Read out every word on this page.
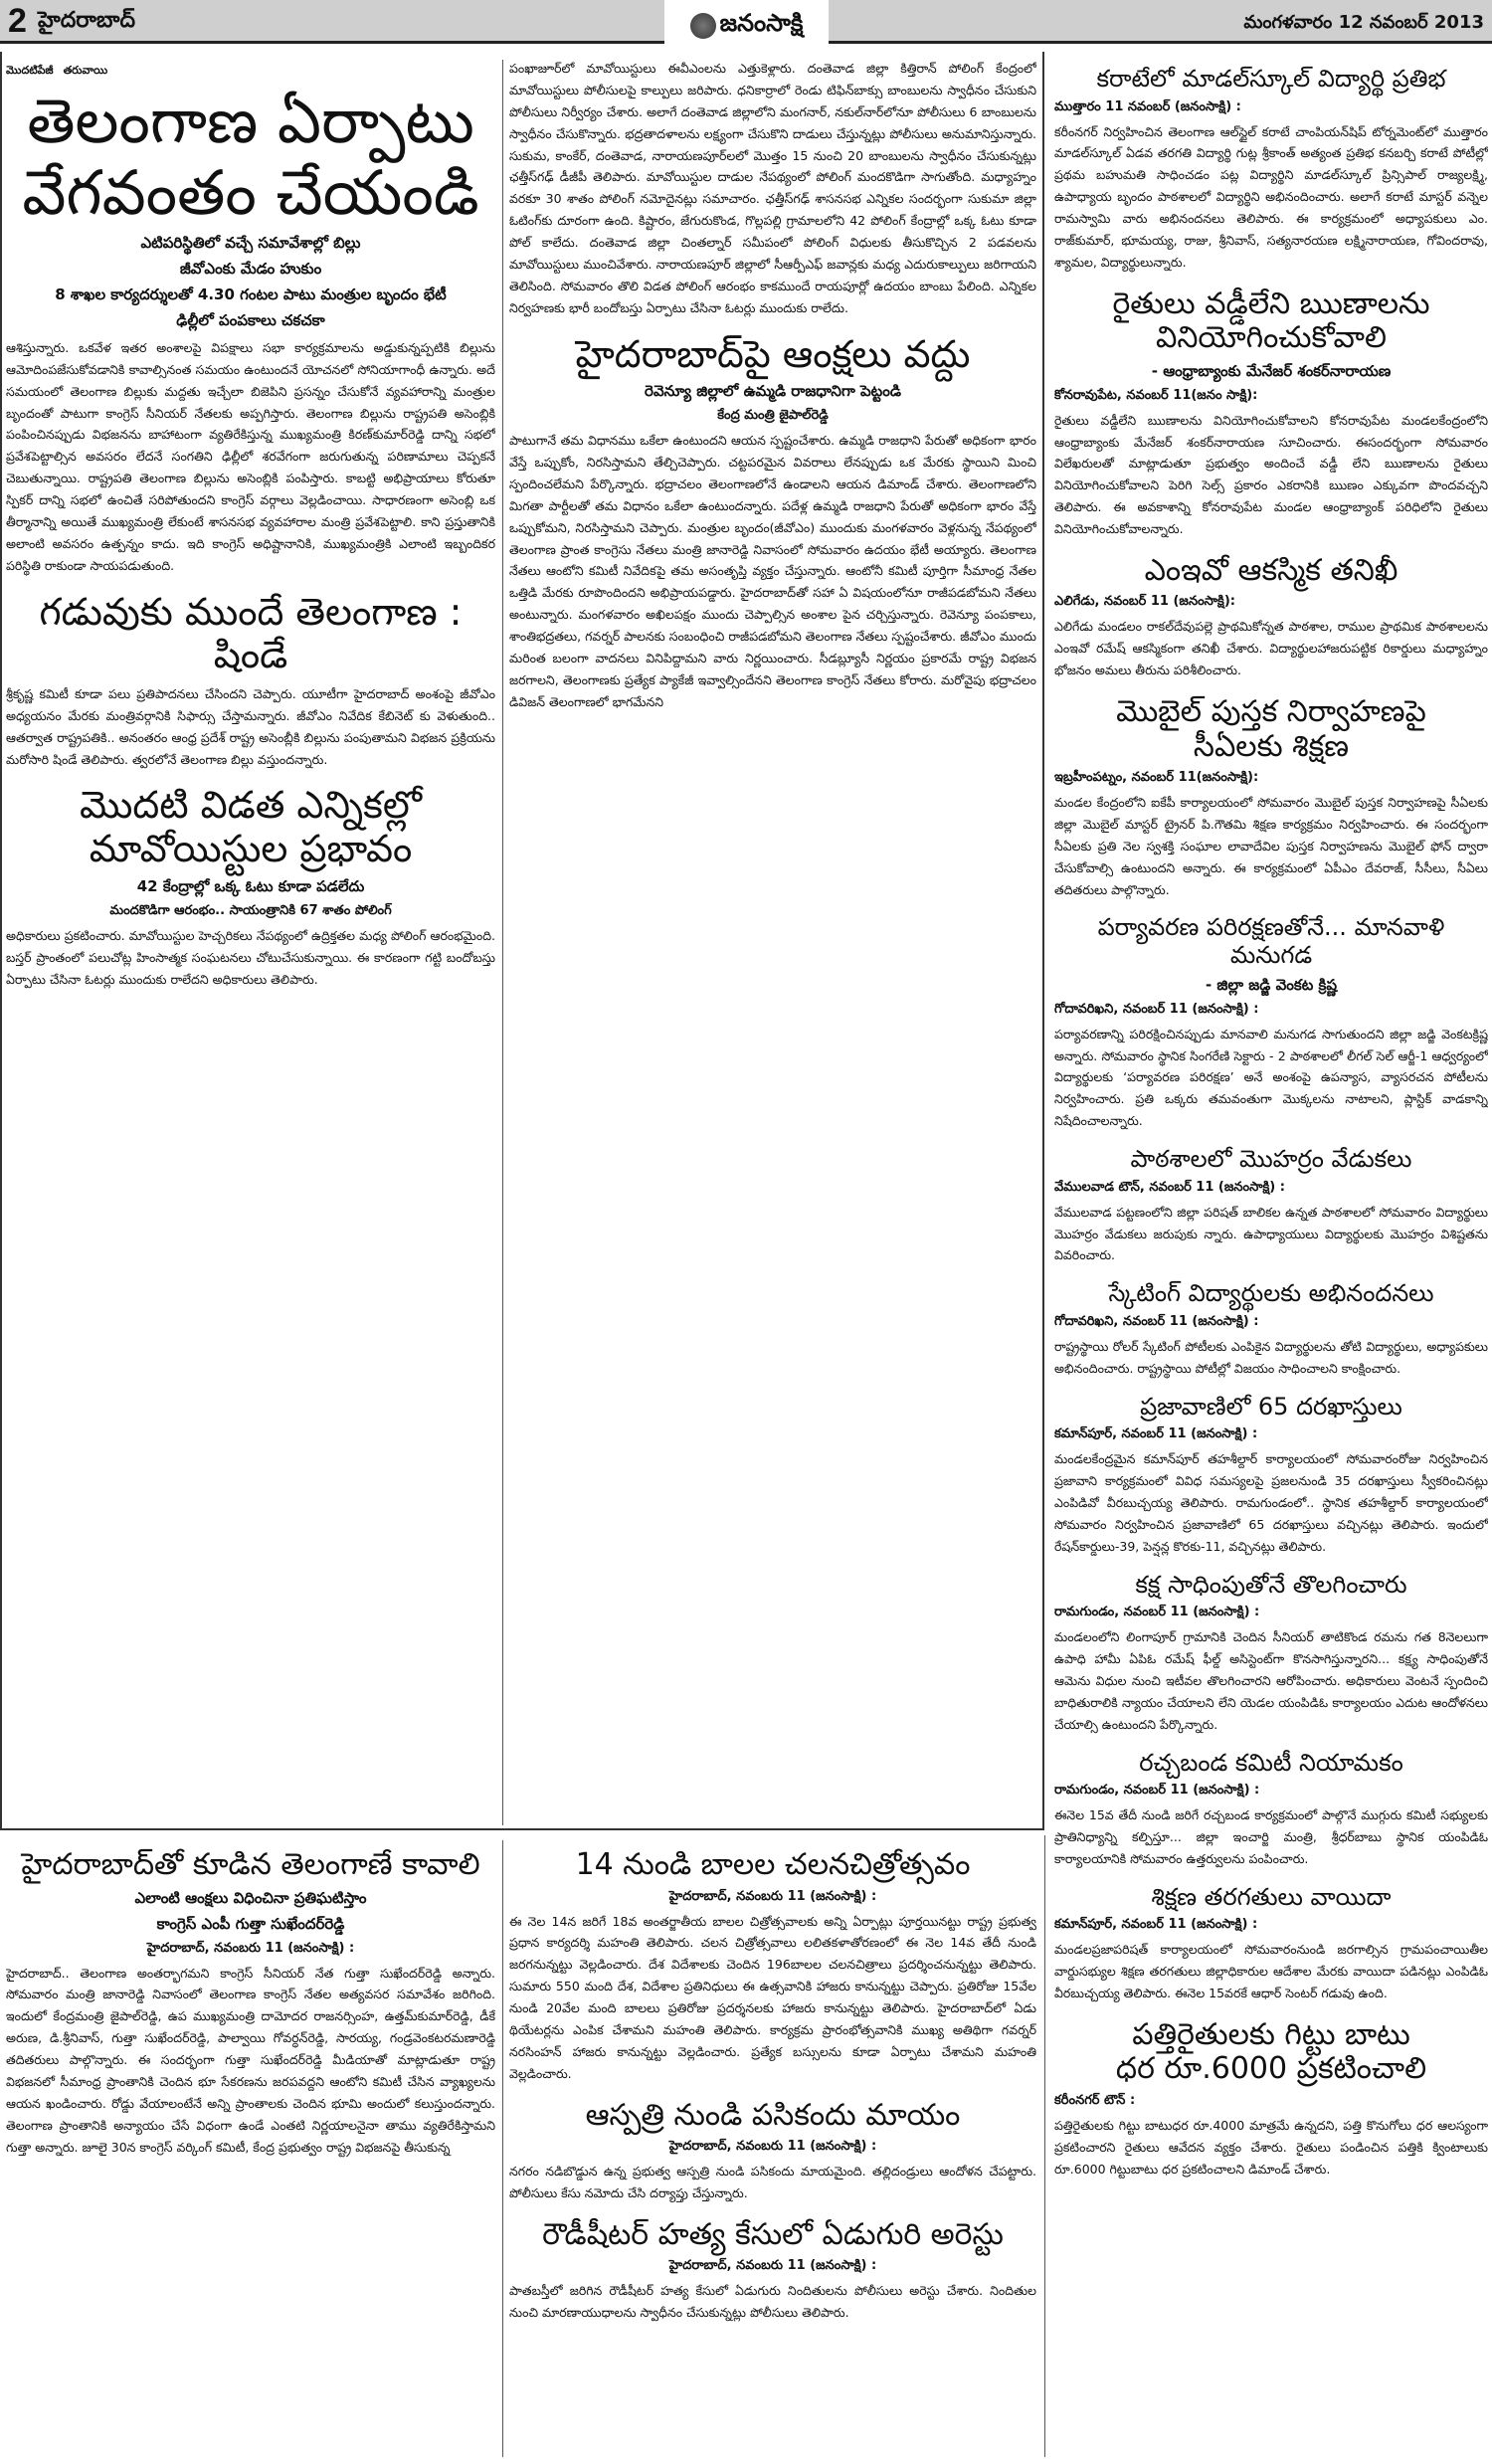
2 హైదరాబాద్	జనంసాక్షి	మంగళవారం 12 నవంబర్ 2013
మొదటిపేజీ తరువాయి
తెలంగాణ ఏర్పాటు
వేగవంతం చేయండి
ఎటిపరిస్థితిలో వచ్చే సమావేశాల్లో బిల్లు
జీవోఎంకు మేడం హుకుం
8 శాఖల కార్యదర్శులతో 4.30 గంటల పాటు మంత్రుల బృందం భేటీ
ఢిల్లీలో పంపకాలు చకచకా

ఆశిస్తున్నారు. ఒకవేళ ఇతర అంశాలపై విపక్షాలు సభా కార్యక్రమాలను అడ్డుకున్నప్పటికి బిల్లును ఆమోదింపజేసుకోవడానికి కావాల్సినంత సమయం ఉంటుందనే యోచనలో సోనియాగాంధీ ఉన్నారు. అదే సమయంలో తెలంగాణ బిల్లుకు మద్దతు ఇచ్చేలా బిజెపిని ప్రసన్నం చేసుకోనే వ్యవహారాన్ని మంత్రుల బృందంతో పాటుగా కాంగ్రెస్ సీనియర్ నేతలకు అప్పగిస్తారు. తెలంగాణ బిల్లును రాష్ట్రపతి అసెంబ్లికి పంపించినప్పుడు విభజనను బాహాటంగా వ్యతిరేకిస్తున్న ముఖ్యమంత్రి కిరణ్‌కుమార్‌రెడ్డి దాన్ని సభలో ప్రవేశపెట్టాల్సిన అవసరం లేదనే సంగతిని ఢిల్లీలో శరవేగంగా జరుగుతున్న పరిణామాలు చెప్పకనే చెబుతున్నాయి. రాష్ట్రపతి తెలంగాణ బిల్లును అసెంబ్లికి పంపిస్తారు. కాబట్టి అభిప్రాయాలు కోరుతూ స్పికర్ దాన్ని సభలో ఉంచితే సరిపోతుందని కాంగ్రెస్ వర్గాలు వెల్లడించాయి. సాధారణంగా అసెంబ్లి ఒక తీర్మానాన్ని అయితే ముఖ్యమంత్రి లేకుంటే శాసనసభ వ్యవహారాల మంత్రి ప్రవేశపెట్టాలి. కాని ప్రస్తుతానికి అలాంటి అవసరం ఉత్పన్నం కాదు. ఇది కాంగ్రెస్ అధిష్టానానికి, ముఖ్యమంత్రికి ఎలాంటి ఇబ్బందికర పరిస్థితి రాకుండా సాయపడుతుంది.

గడువుకు ముందే తెలంగాణ : షిండే

శ్రీకృష్ణ కమిటీ కూడా పలు ప్రతిపాదనలు చేసిందని చెప్పారు. యూటీగా హైదరాబాద్ అంశంపై జీవోఎం అధ్యయనం మేరకు మంత్రివర్గానికి సిఫార్సు చేస్తామన్నారు. జీవోఎం నివేదిక కేబినెట్ కు వెళుతుంది.. ఆతర్వాత రాష్ట్రపతికి.. అనంతరం ఆంధ్ర ప్రదేశ్ రాష్ట్ర అసెంబ్లీకి బిల్లును పంపుతామని విభజన ప్రక్రియను మరోసారి షిండే తెలిపారు. త్వరలోనే తెలంగాణ బిల్లు వస్తుందన్నారు.

మొదటి విడత ఎన్నికల్లో
మావోయిస్టుల ప్రభావం
42 కేంద్రాల్లో ఒక్క ఓటు కూడా పడలేదు
మందకొడిగా ఆరంభం.. సాయంత్రానికి 67 శాతం పోలింగ్

అధికారులు ప్రకటించారు. మావోయిస్టుల హెచ్చరికలు నేపథ్యంలో ఉద్రిక్తతల మధ్య పోలింగ్ ఆరంభమైంది. బస్తర్ ప్రాంతంలో పలుచోట్ల హింసాత్మక సంఘటనలు చోటుచేసుకున్నాయి. ఈ కారణంగా గట్టి బందోబస్తు ఏర్పాటు చేసినా ఓటర్లు ముందుకు రాలేదని అధికారులు తెలిపారు.

పంఖాజూర్‌లో మావోయిస్టులు ఈవీఎంలను ఎత్తుకెళ్లారు. దంతెవాడ జిల్లా కిత్తిరాన్ పోలింగ్ కేంద్రంలో మావోయిస్టులు పోలీసులపై కాల్పులు జరిపారు. ధనికార్రాలో రెండు టిఫిన్‌బాక్సు బాంబులను స్వాధీనం చేసుకుని పోలీసులు నిర్వీర్యం చేశారు. అలాగే దంతెవాడ జిల్లాలోని మంగనార్, నకుల్‌నార్‌లోనూ పోలీసులు 6 బాంబులను స్వాధీనం చేసుకొన్నారు. భద్రతాదళాలను లక్ష్యంగా చేసుకొని దాడులు చేస్తున్నట్లు పోలీసులు అనుమానిస్తున్నారు. సుకుమ, కాంకేర్, దంతెవాడ, నారాయణపూర్‌లలో మొత్తం 15 నుంచి 20 బాంబులను స్వాధీనం చేసుకున్నట్లు ఛత్తీస్‌గఢ్ డీజీపీ తెలిపారు. మావోయిస్టుల దాడుల నేపథ్యంలో పోలింగ్ మందకొడిగా సాగుతోంది. మధ్యాహ్నం వరకూ 30 శాతం పోలింగ్ నమోదైనట్లు సమాచారం. ఛత్తీస్‌గఢ్ శాసనసభ ఎన్నికల సందర్భంగా సుకుమా జిల్లా ఓటింగ్‌కు దూరంగా ఉంది. కిష్టారం, జేగురుకొండ, గొల్లపల్లి గ్రామాలలోని 42 పోలింగ్ కేంద్రాల్లో ఒక్క ఓటు కూడా పోల్ కాలేదు. దంతెవాడ జిల్లా చింతల్నార్ సమీపంలో పోలింగ్ విధులకు తీసుకొచ్చిన 2 పడవలను మావోయిస్టులు ముంచివేశారు. నారాయణపూర్ జిల్లాలో సీఆర్పీఎఫ్ జవాన్లకు మధ్య ఎదురుకాల్పులు జరిగాయని తెలిసింది. సోమవారం తొలి విడత పోలింగ్ ఆరంభం కాకముందే రాయపూర్లో ఉదయం బాంబు పేలింది. ఎన్నికల నిర్వహణకు భారీ బందోబస్తు ఏర్పాటు చేసినా ఓటర్లు ముందుకు రాలేదు.

హైదరాబాద్‌పై ఆంక్షలు వద్దు
రెవెన్యూ జిల్లాలో ఉమ్మడి రాజధానిగా పెట్టండి
కేంద్ర మంత్రి జైపాల్‌రెడ్డి

పాటుగానే తమ విధానము ఒకేలా ఉంటుందని ఆయన స్పష్టంచేశారు. ఉమ్మడి రాజధాని పేరుతో అధికంగా భారం వేస్తే ఒప్పుకోం, నిరసిస్తామని తేల్చిచెప్పారు. చట్టపరమైన వివరాలు లేనప్పుడు ఒక మేరకు స్థాయిని మించి స్పందించలేమని పేర్కొన్నారు. భద్రాచలం తెలంగాణలోనే ఉండాలని ఆయన డిమాండ్ చేశారు. తెలంగాణలోని మిగతా పార్టీలతో తమ విధానం ఒకేలా ఉంటుందన్నారు. పదేళ్ల ఉమ్మడి రాజధాని పేరుతో అధికంగా భారం వేస్తే ఒప్పుకోమని, నిరసిస్తామని చెప్పారు. మంత్రుల బృందం(జీవోఎం) ముందుకు మంగళవారం వెళ్లనున్న నేపథ్యంలో తెలంగాణ ప్రాంత కాంగ్రెసు నేతలు మంత్రి జానారెడ్డి నివాసంలో సోమవారం ఉదయం భేటీ అయ్యారు. తెలంగాణ నేతలు ఆంటోని కమిటీ నివేదికపై తమ అసంతృప్తి వ్యక్తం చేస్తున్నారు. ఆంటోనీ కమిటీ పూర్తిగా సీమాంధ్ర నేతల ఒత్తిడి మేరకు రూపొందిందని అభిప్రాయపడ్డారు. హైదరాబాద్‌తో సహా ఏ విషయంలోనూ రాజీపడబోమని నేతలు అంటున్నారు. మంగళవారం అఖిలపక్షం ముందు చెప్పాల్సిన అంశాల పైన చర్చిస్తున్నారు. రెవెన్యూ పంపకాలు, శాంతిభద్రతలు, గవర్నర్ పాలనకు సంబంధించి రాజీపడబోమని తెలంగాణ నేతలు స్పష్టంచేశారు. జీవోఎం ముందు మరింత బలంగా వాదనలు వినిపిద్దామని వారు నిర్ణయించారు. సీడబ్ల్యూసీ నిర్ణయం ప్రకారమే రాష్ట్ర విభజన జరగాలని, తెలంగాణకు ప్రత్యేక ప్యాకేజీ ఇవ్వాల్సిందేనని తెలంగాణ కాంగ్రెస్ నేతలు కోరారు. మరోవైపు భద్రాచలం డివిజన్ తెలంగాణలో భాగమేనని

కరాటేలో మాడల్‌స్కూల్ విద్యార్థి ప్రతిభ
ముత్తారం 11 నవంబర్ (జనంసాక్షి) :

కరీంనగర్ నిర్వహించిన తెలంగాణ ఆల్‌స్టైల్ కరాటే చాంపియన్‌షిప్ టోర్నమెంట్‌లో ముత్తారం మాడల్‌స్కూల్ ఏడవ తరగతి విద్యార్థి గుట్ల శ్రీకాంత్ అత్యంత ప్రతిభ కనబర్చి కరాటే పోటీల్లో ప్రథమ బహుమతి సాధించడం పట్ల విద్యార్థిని మాడల్‌స్కూల్ ప్రిన్సిపాల్ రాజ్యలక్ష్మి, ఉపాధ్యాయ బృందం పాఠశాలలో విద్యార్థిని అభినందించారు. అలాగే కరాటే మాస్టర్ వన్నెల రామస్వామి వారు అభినందనలు తెలిపారు. ఈ కార్యక్రమంలో అధ్యాపకులు ఎం. రాజ్‌కుమార్, భూమయ్య, రాజు, శ్రీనివాస్, సత్యనారయణ లక్ష్మినారాయణ, గోవిందరావు, శ్యామల, విద్యార్థులున్నారు.

రైతులు వడ్డీలేని ఋణాలను
వినియోగించుకోవాలి
- ఆంధ్రాబ్యాంకు మేనేజర్ శంకర్‌నారాయణ
కోనరావుపేట, నవంబర్ 11(జనం సాక్షి):

రైతులు వడ్డీలేని ఋణాలను వినియోగించుకోవాలని కోనరావుపేట మండలకేంద్రంలోని ఆంధ్రాబ్యాంకు మేనేజర్ శంకర్‌నారాయణ సూచించారు. ఈసందర్భంగా సోమవారం విలేఖరులతో మాట్లాడుతూ ప్రభుత్వం అందించే వడ్డీ లేని ఋణాలను రైతులు వినియోగించుకోవాలని పెరిగి సెల్స్ ప్రకారం ఎకరానికి ఋణం ఎక్కువగా పొందవచ్చని తెలిపారు. ఈ అవకాశాన్ని కోనరావుపేట మండల ఆంధ్రాబ్యాంక్ పరిధిలోని రైతులు వినియోగించుకోవాలన్నారు.

ఎంఇవో ఆకస్మిక తనిఖీ
ఎలిగేడు, నవంబర్ 11 (జనంసాక్షి):

ఎలిగేడు మండలం రాకల్‌దేవుపల్లె ప్రాథమికోన్నత పాఠశాల, రాముల ప్రాథమిక పాఠశాలలను ఎంఇవో రమేష్ ఆకస్మికంగా తనిఖీ చేశారు. విద్యార్థులహాజరుపట్టిక రికార్డులు మధ్యాహ్నం భోజనం అమలు తీరును పరిశీలించారు.

మొబైల్ పుస్తక నిర్వాహణపై
సీఏలకు శిక్షణ
ఇబ్రహీంపట్నం, నవంబర్ 11(జనంసాక్షి):

మండల కేంద్రంలోని ఐకేపీ కార్యాలయంలో సోమవారం మొబైల్ పుస్తక నిర్వాహణపై సీఏలకు జిల్లా మొబైల్ మాస్టర్ ట్రైనర్ పి.గౌతమి శిక్షణ కార్యక్రమం నిర్వహించారు. ఈ సందర్భంగా సీఏలకు ప్రతి నెల స్వశక్తి సంఘాల లావాదేవిల పుస్తక నిర్వాహణను మొబైల్ ఫోన్ ద్వారా చేసుకోవాల్సి ఉంటుందని అన్నారు. ఈ కార్యక్రమంలో ఏపీఎం దేవరాజ్, సీసీలు, సీఏలు తదితరులు పాల్గొన్నారు.

పర్యావరణ పరిరక్షణతోనే... మానవాళి మనుగడ
- జిల్లా జడ్జి వెంకట క్రిష్ణ
గోదావరిఖని, నవంబర్ 11 (జనంసాక్షి) :

పర్యావరణాన్ని పరిరక్షించినప్పుడు మానవాలి మనుగడ సాగుతుందని జిల్లా జడ్జి వెంకటక్రిష్ణ అన్నారు. సోమవారం స్థానిక సింగరేణి సెక్టారు - 2 పాఠశాలలో లీగల్ సెల్ ఆర్జీ-1 ఆధ్వర్యంలో విద్యార్థులకు ‘పర్యావరణ పరిరక్షణ’ అనే అంశంపై ఉపన్యాస, వ్యాసరచన పోటీలను నిర్వహించారు. ప్రతి ఒక్కరు తమవంతుగా మొక్కలను నాటాలని, ప్లాస్టిక్ వాడకాన్ని నిషేదించాలన్నారు.

పాఠశాలలో మొహర్రం వేడుకలు
వేములవాడ టౌన్, నవంబర్ 11 (జనంసాక్షి) :

వేములవాడ పట్టణంలోని జిల్లా పరిషత్ బాలికల ఉన్నత పాఠశాలలో సోమవారం విద్యార్థులు మొహర్రం వేడుకలు జరుపుకు న్నారు. ఉపాధ్యాయులు విద్యార్థులకు మొహర్రం విశిష్టతను వివరించారు.

స్కేటింగ్ విద్యార్థులకు అభినందనలు
గోదావరిఖని, నవంబర్ 11 (జనంసాక్షి) :

రాష్ట్రస్థాయి రోలర్ స్కేటింగ్ పోటీలకు ఎంపికైన విద్యార్థులను తోటి విద్యార్థులు, అధ్యాపకులు అభినందించారు. రాష్ట్రస్థాయి పోటీల్లో విజయం సాధించాలని కాంక్షించారు.

ప్రజావాణిలో 65 దరఖాస్తులు
కమాన్‌పూర్, నవంబర్ 11 (జనంసాక్షి) :

మండలకేంద్రమైన కమాన్‌పూర్ తహశీల్దార్ కార్యాలయంలో సోమవారంరోజు నిర్వహించిన ప్రజావాని కార్యక్రమంలో వివిధ సమస్యలపై ప్రజలనుండి 35 దరఖాస్తులు స్వీకరించినట్లు ఎంపిడివో వీరబుచ్చయ్య తెలిపారు. రామగుండంలో.. స్థానిక తహశీల్దార్ కార్యాలయంలో సోమవారం నిర్వహించిన ప్రజావాణిలో 65 దరఖాస్తులు వచ్చినట్లు తెలిపారు. ఇందులో రేషన్‌కార్డులు-39, పెన్షన్ల కొరకు-11, వచ్చినట్లు తెలిపారు.

కక్ష సాధింపుతోనే తొలగించారు
రామగుండం, నవంబర్ 11 (జనంసాక్షి) :

మండలంలోని లింగాపూర్ గ్రామానికి చెందిన సీనియర్ తాటికొండ రమను గత 8నెలలుగా ఉపాధి హామీ ఏపిఓ రమేష్ ఫీల్డ్ అసిస్టెంట్‌గా కొనసాగిస్తున్నారని... కక్ష్య సాధింపుతోనే ఆమెను విధుల నుంచి ఇటీవల తొలగించారని ఆరోపించారు. అధికారులు వెంటనే స్పందించి బాధితురాలికి న్యాయం చేయాలని లేని యెడల యంపిడిఓ కార్యాలయం ఎదుట ఆందోళనలు చేయాల్సి ఉంటుందని పేర్కొన్నారు.

రచ్చబండ కమిటీ నియామకం
రామగుండం, నవంబర్ 11 (జనంసాక్షి) :

ఈనెల 15వ తేదీ నుండి జరిగే రచ్చబండ కార్యక్రమంలో పాల్గొనే ముగ్గురు కమిటీ సభ్యులకు ప్రాతినిధ్యాన్ని కల్పిస్తూ... జిల్లా ఇంచార్జి మంత్రి, శ్రీధర్‌బాబు స్థానిక యంపిడిఓ కార్యాలయానికి సోమవారం ఉత్తర్వులను పంపించారు.

శిక్షణ తరగతులు వాయిదా
కమాన్‌పూర్, నవంబర్ 11 (జనంసాక్షి) :

మండలప్రజాపరిషత్ కార్యాలయంలో సోమవారంనుండి జరగాల్సిన గ్రామపంచాయితీల వార్డుసభ్యుల శిక్షణ తరగతులు జిల్లాధికారుల ఆదేశాల మేరకు వాయిదా పడినట్లు ఎంపిడిఓ వీరబుచ్చయ్య తెలిపారు. ఈనెల 15వరకే ఆధార్ సెంటర్ గడువు ఉంది.

పత్తిరైతులకు గిట్టు బాటు
ధర రూ.6000 ప్రకటించాలి
కరీంనగర్ టౌన్ :

పత్తిరైతులకు గిట్టు బాటుధర రూ.4000 మాత్రమే ఉన్నదని, పత్తి కొనుగోలు ధర ఆలస్యంగా ప్రకటించారని రైతులు ఆవేదన వ్యక్తం చేశారు. రైతులు పండించిన పత్తికి క్వింటాలుకు రూ.6000 గిట్టుబాటు ధర ప్రకటించాలని డిమాండ్ చేశారు.

హైదరాబాద్‌తో కూడిన తెలంగాణే కావాలి
ఎలాంటి ఆంక్షలు విధించినా ప్రతిఘటిస్తాం
కాంగ్రెస్ ఎంపీ గుత్తా సుఖేందర్‌రెడ్డి
హైదరాబాద్, నవంబరు 11 (జనంసాక్షి) :

హైదరాబాద్.. తెలంగాణ అంతర్భాగమని కాంగ్రెస్ సీనియర్ నేత గుత్తా సుఖేందర్‌రెడ్డి అన్నారు. సోమవారం మంత్రి జానారెడ్డి నివాసంలో తెలంగాణ కాంగ్రెస్ నేతల అత్యవసర సమావేశం జరిగింది. ఇందులో కేంద్రమంత్రి జైపాల్‌రెడ్డి, ఉప ముఖ్యమంత్రి దామోదర రాజనర్సింహ, ఉత్తమ్‌కుమార్‌రెడ్డి, డీకే అరుణ, డి.శ్రీనివాస్, గుత్తా సుఖేందర్‌రెడ్డి, పాల్వాయి గోవర్ధన్‌రెడ్డి, సారయ్య, గండ్రవెంకటరమణారెడ్డి తదితరులు పాల్గొన్నారు. ఈ సందర్భంగా గుత్తా సుఖేందర్‌రెడ్డి మీడియాతో మాట్లాడుతూ రాష్ట్ర విభజనలో సీమాంధ్ర ప్రాంతానికి చెందిన భూ సేకరణను జరపవద్దని ఆంటోని కమిటీ చేసిన వ్యాఖ్యలను ఆయన ఖండించారు. రోడ్డు వేయాలంటేనే అన్ని ప్రాంతాలకు చెందిన భూమి అందులో కలుస్తుందన్నారు. తెలంగాణ ప్రాంతానికి అన్యాయం చేసే విధంగా ఉండే ఎంతటి నిర్ణయాలనైనా తాము వ్యతిరేకిస్తామని గుత్తా అన్నారు. జూలై 30న కాంగ్రెస్ వర్కింగ్ కమిటీ, కేంద్ర ప్రభుత్వం రాష్ట్ర విభజనపై తీసుకున్న

14 నుండి బాలల చలనచిత్రోత్సవం
హైదరాబాద్, నవంబరు 11 (జనంసాక్షి) :

ఈ నెల 14న జరిగే 18వ అంతర్జాతీయ బాలల చిత్రోత్సవాలకు అన్ని ఏర్పాట్లు పూర్తయినట్టు రాష్ట్ర ప్రభుత్వ ప్రధాన కార్యదర్శి మహంతి తెలిపారు. చలన చిత్రోత్సవాలు లలితకళాతోరణంలో ఈ నెల 14వ తేదీ నుండి జరగనున్నట్టు వెల్లడించారు. దేశ విదేశాలకు చెందిన 196బాలల చలనచిత్రాలు ప్రదర్శించనున్నట్టు తెలిపారు. సుమారు 550 మంది దేశ, విదేశాల ప్రతినిధులు ఈ ఉత్సవానికి హాజరు కానున్నట్టు చెప్పారు. ప్రతిరోజు 15వేల నుండి 20వేల మంది బాలలు ప్రతిరోజు ప్రదర్శనలకు హాజరు కానున్నట్టు తెలిపారు. హైదరాబాద్‌లో ఏడు థియేటర్లను ఎంపిక చేశామని మహంతి తెలిపారు. కార్యక్రమ ప్రారంభోత్సవానికి ముఖ్య అతిథిగా గవర్నర్ నరసింహన్ హాజరు కానున్నట్టు వెల్లడించారు. ప్రత్యేక బస్సులను కూడా ఏర్పాటు చేశామని మహంతి వెల్లడించారు.

ఆస్పత్రి నుండి పసికందు మాయం
హైదరాబాద్, నవంబరు 11 (జనంసాక్షి) :

నగరం నడిబొడ్డున ఉన్న ప్రభుత్వ ఆస్పత్రి నుండి పసికందు మాయమైంది. తల్లిదండ్రులు ఆందోళన చేపట్టారు. పోలీసులు కేసు నమోదు చేసి దర్యాప్తు చేస్తున్నారు.

రౌడీషీటర్ హత్య కేసులో ఏడుగురి అరెస్టు
హైదరాబాద్, నవంబరు 11 (జనంసాక్షి) :

పాతబస్తీలో జరిగిన రౌడీషీటర్ హత్య కేసులో ఏడుగురు నిందితులను పోలీసులు అరెస్టు చేశారు. నిందితుల నుంచి మారణాయుధాలను స్వాధీనం చేసుకున్నట్లు పోలీసులు తెలిపారు.
